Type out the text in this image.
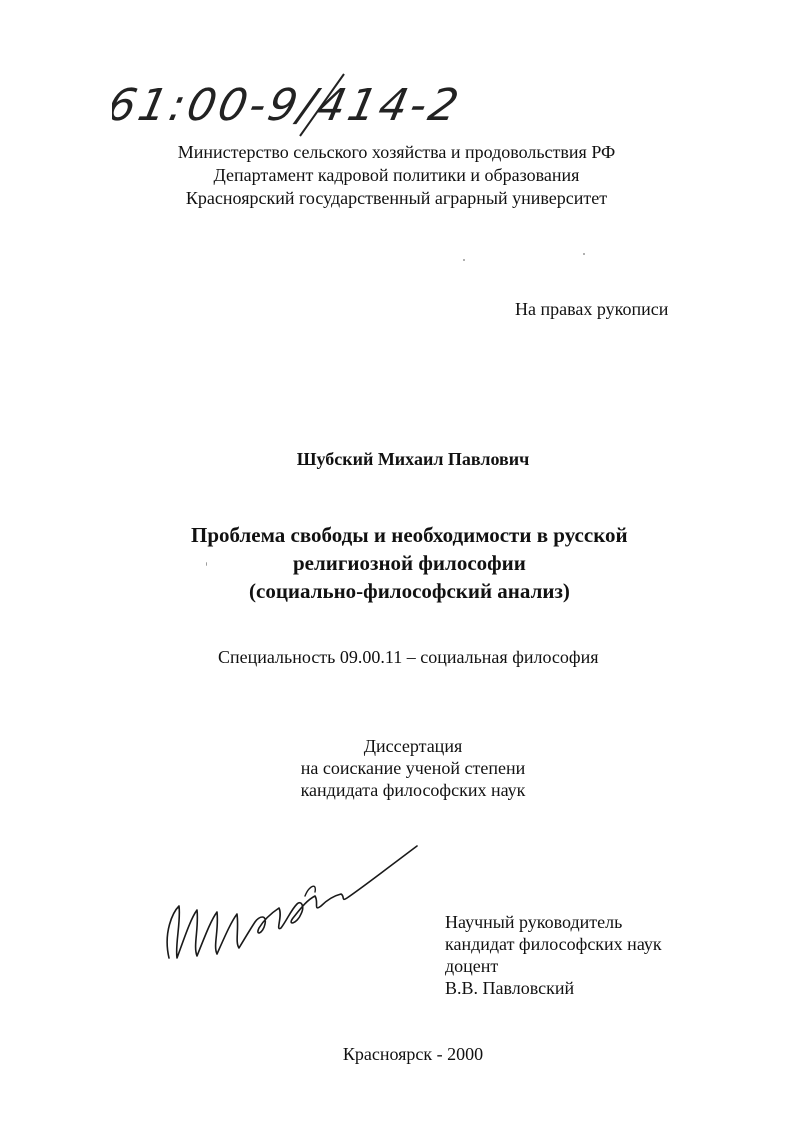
61:00-9/414-2
Министерство сельского хозяйства и продовольствия РФ
Департамент кадровой политики и образования
Красноярский государственный аграрный университет
На правах рукописи
Шубский Михаил Павлович
Проблема свободы и необходимости в русской
религиозной философии
(социально-философский анализ)
Специальность 09.00.11 – социальная философия
Диссертация
на соискание ученой степени
кандидата философских наук
Научный руководитель
кандидат философских наук
доцент
В.В. Павловский
Красноярск - 2000
